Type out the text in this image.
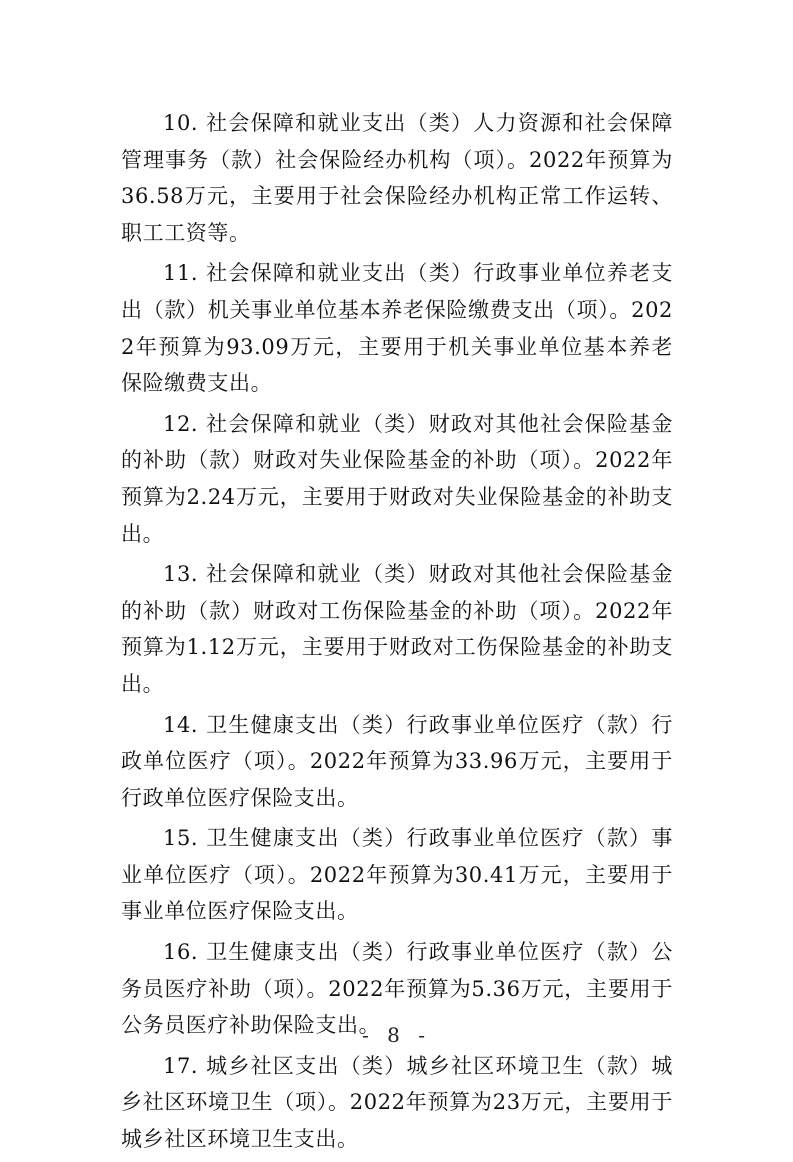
10. 社会保障和就业支出（类）人力资源和社会保障管理事务（款）社会保险经办机构（项）。2022年预算为36.58万元，主要用于社会保险经办机构正常工作运转、职工工资等。

11. 社会保障和就业支出（类）行政事业单位养老支出（款）机关事业单位基本养老保险缴费支出（项）。2022年预算为93.09万元，主要用于机关事业单位基本养老保险缴费支出。

12. 社会保障和就业（类）财政对其他社会保险基金的补助（款）财政对失业保险基金的补助（项）。2022年预算为2.24万元，主要用于财政对失业保险基金的补助支出。

13. 社会保障和就业（类）财政对其他社会保险基金的补助（款）财政对工伤保险基金的补助（项）。2022年预算为1.12万元，主要用于财政对工伤保险基金的补助支出。

14. 卫生健康支出（类）行政事业单位医疗（款）行政单位医疗（项）。2022年预算为33.96万元，主要用于行政单位医疗保险支出。

15. 卫生健康支出（类）行政事业单位医疗（款）事业单位医疗（项）。2022年预算为30.41万元，主要用于事业单位医疗保险支出。

16. 卫生健康支出（类）行政事业单位医疗（款）公务员医疗补助（项）。2022年预算为5.36万元，主要用于公务员医疗补助保险支出。

17. 城乡社区支出（类）城乡社区环境卫生（款）城乡社区环境卫生（项）。2022年预算为23万元，主要用于城乡社区环境卫生支出。

- 8 -
